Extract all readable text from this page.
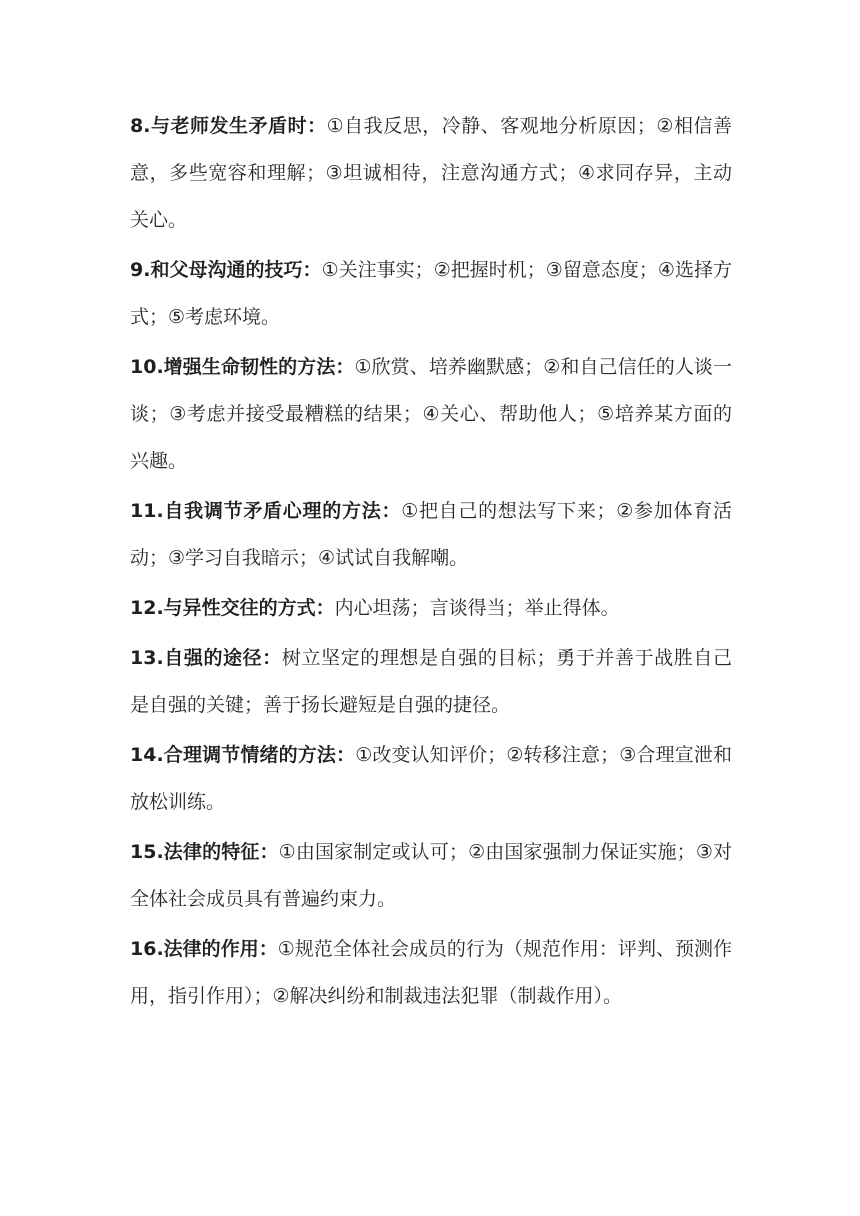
8.与老师发生矛盾时：①自我反思，冷静、客观地分析原因；②相信善意，多些宽容和理解；③坦诚相待，注意沟通方式；④求同存异，主动关心。

9.和父母沟通的技巧：①关注事实；②把握时机；③留意态度；④选择方式；⑤考虑环境。

10.增强生命韧性的方法：①欣赏、培养幽默感；②和自己信任的人谈一谈；③考虑并接受最糟糕的结果；④关心、帮助他人；⑤培养某方面的兴趣。

11.自我调节矛盾心理的方法：①把自己的想法写下来；②参加体育活动；③学习自我暗示；④试试自我解嘲。

12.与异性交往的方式：内心坦荡；言谈得当；举止得体。

13.自强的途径：树立坚定的理想是自强的目标；勇于并善于战胜自己是自强的关键；善于扬长避短是自强的捷径。

14.合理调节情绪的方法：①改变认知评价；②转移注意；③合理宣泄和放松训练。

15.法律的特征：①由国家制定或认可；②由国家强制力保证实施；③对全体社会成员具有普遍约束力。

16.法律的作用：①规范全体社会成员的行为（规范作用：评判、预测作用，指引作用）；②解决纠纷和制裁违法犯罪（制裁作用）。
